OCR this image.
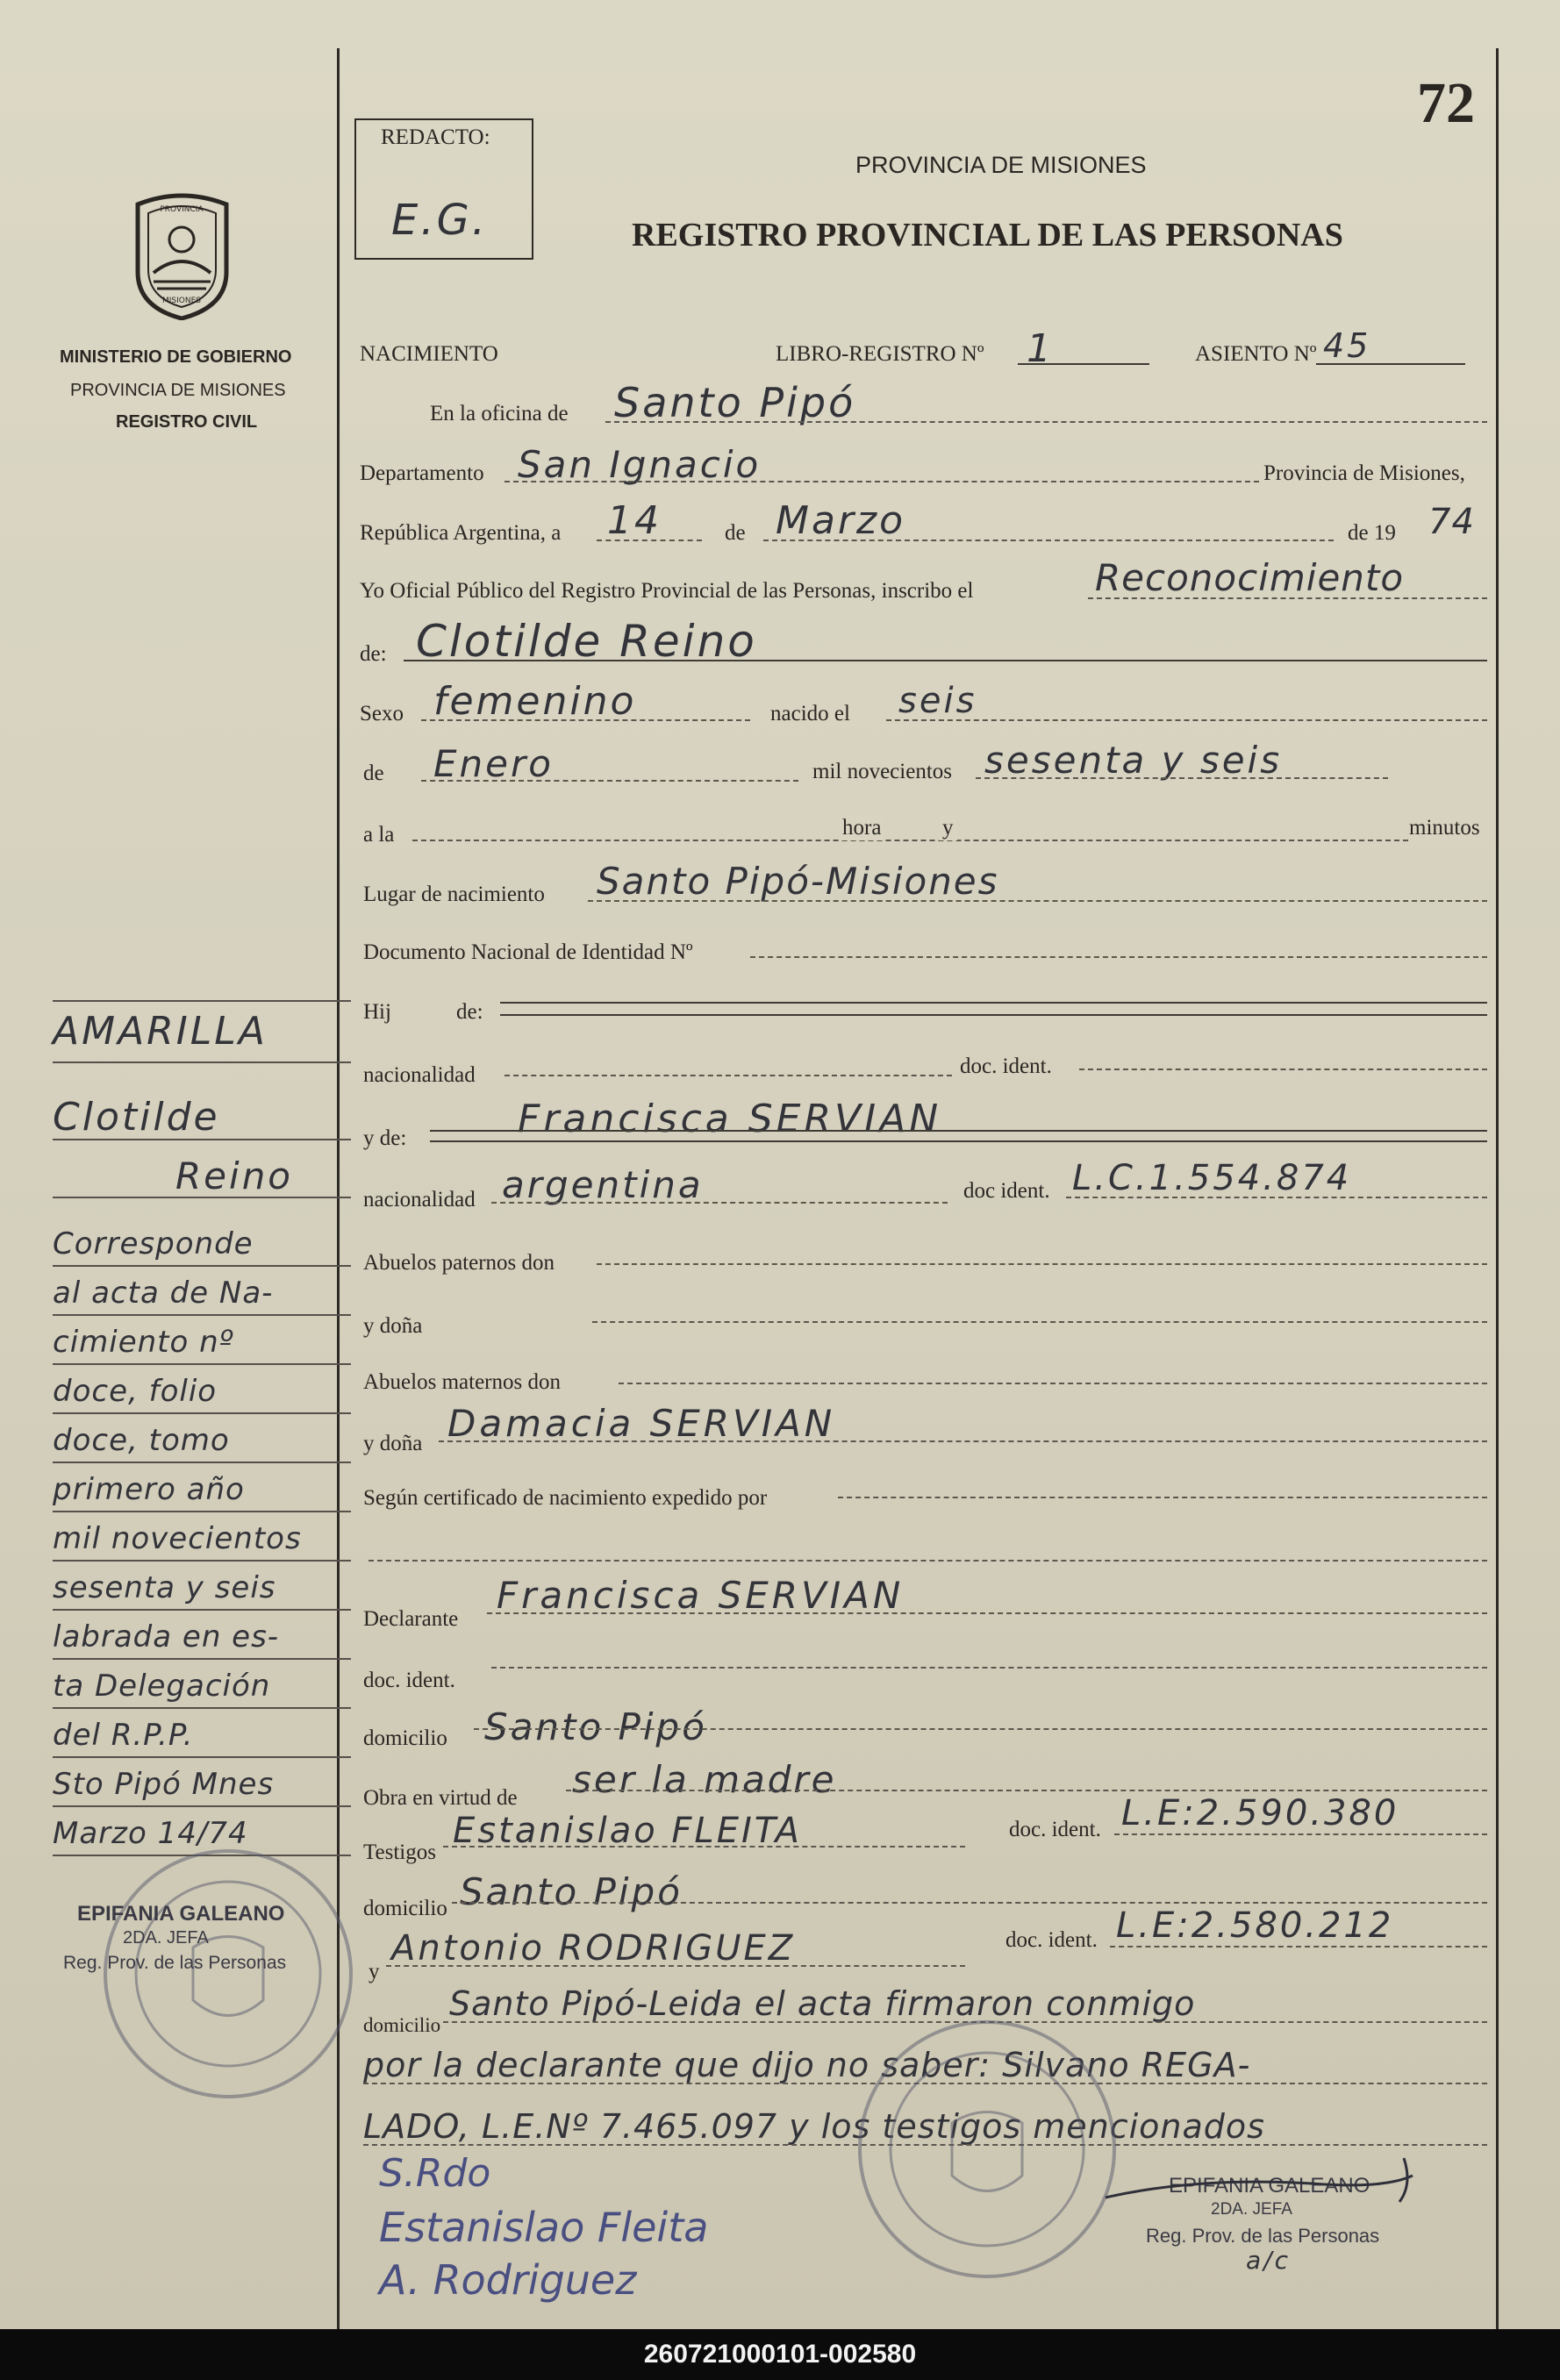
72
REDACTO:
E.G.
PROVINCIA DE MISIONES
REGISTRO PROVINCIAL DE LAS PERSONAS
PROVINCIA
MISIONES
MINISTERIO DE GOBIERNO
PROVINCIA DE MISIONES
REGISTRO CIVIL
NACIMIENTO	LIBRO-REGISTRO Nº 1	ASIENTO Nº 45
En la oficina de Santo Pipó
Departamento San Ignacio	Provincia de Misiones,
República Argentina, a 14	de Marzo	de 19 74
Yo Oficial Público del Registro Provincial de las Personas, inscribo el	Reconocimiento
de: Clotilde Reino
Sexo femenino	nacido el seis
de Enero	mil novecientos sesenta y seis
a la	hora	y	minutos
Lugar de nacimiento Santo Pipó-Misiones
Documento Nacional de Identidad Nº
Hij	de:
nacionalidad	doc. ident.
y de:	Francisca SERVIAN
nacionalidad argentina	doc ident. L.C.1.554.874
Abuelos paternos don
y doña
Abuelos maternos don
y doña Damacia SERVIAN
Según certificado de nacimiento expedido por
Declarante
Francisca SERVIAN
doc. ident.
domicilio Santo Pipó
Obra en virtud de ser la madre
Testigos
Estanislao FLEITA	doc. ident. L.E:2.590.380
domicilio Santo Pipó
y
Antonio RODRIGUEZ	doc. ident. L.E:2.580.212
domicilio
Santo Pipó-Leida el acta firmaron conmigo
por la declarante que dijo no saber: Silvano REGA-
LADO, L.E.Nº 7.465.097 y los testigos mencionados
AMARILLA
Clotilde
Reino
Corresponde
al acta de Na-
cimiento nº
doce, folio
doce, tomo
primero año
mil novecientos
sesenta y seis
labrada en es-
ta Delegación
del R.P.P.
Sto Pipó Mnes
Marzo 14/74
EPIFANIA GALEANO
2DA. JEFA
Reg. Prov. de las Personas
EPIFANIA GALEANO
2DA. JEFA
Reg. Prov. de las Personas
a/c
S.Rdo
Estanislao Fleita
A. Rodriguez
260721000101-002580
